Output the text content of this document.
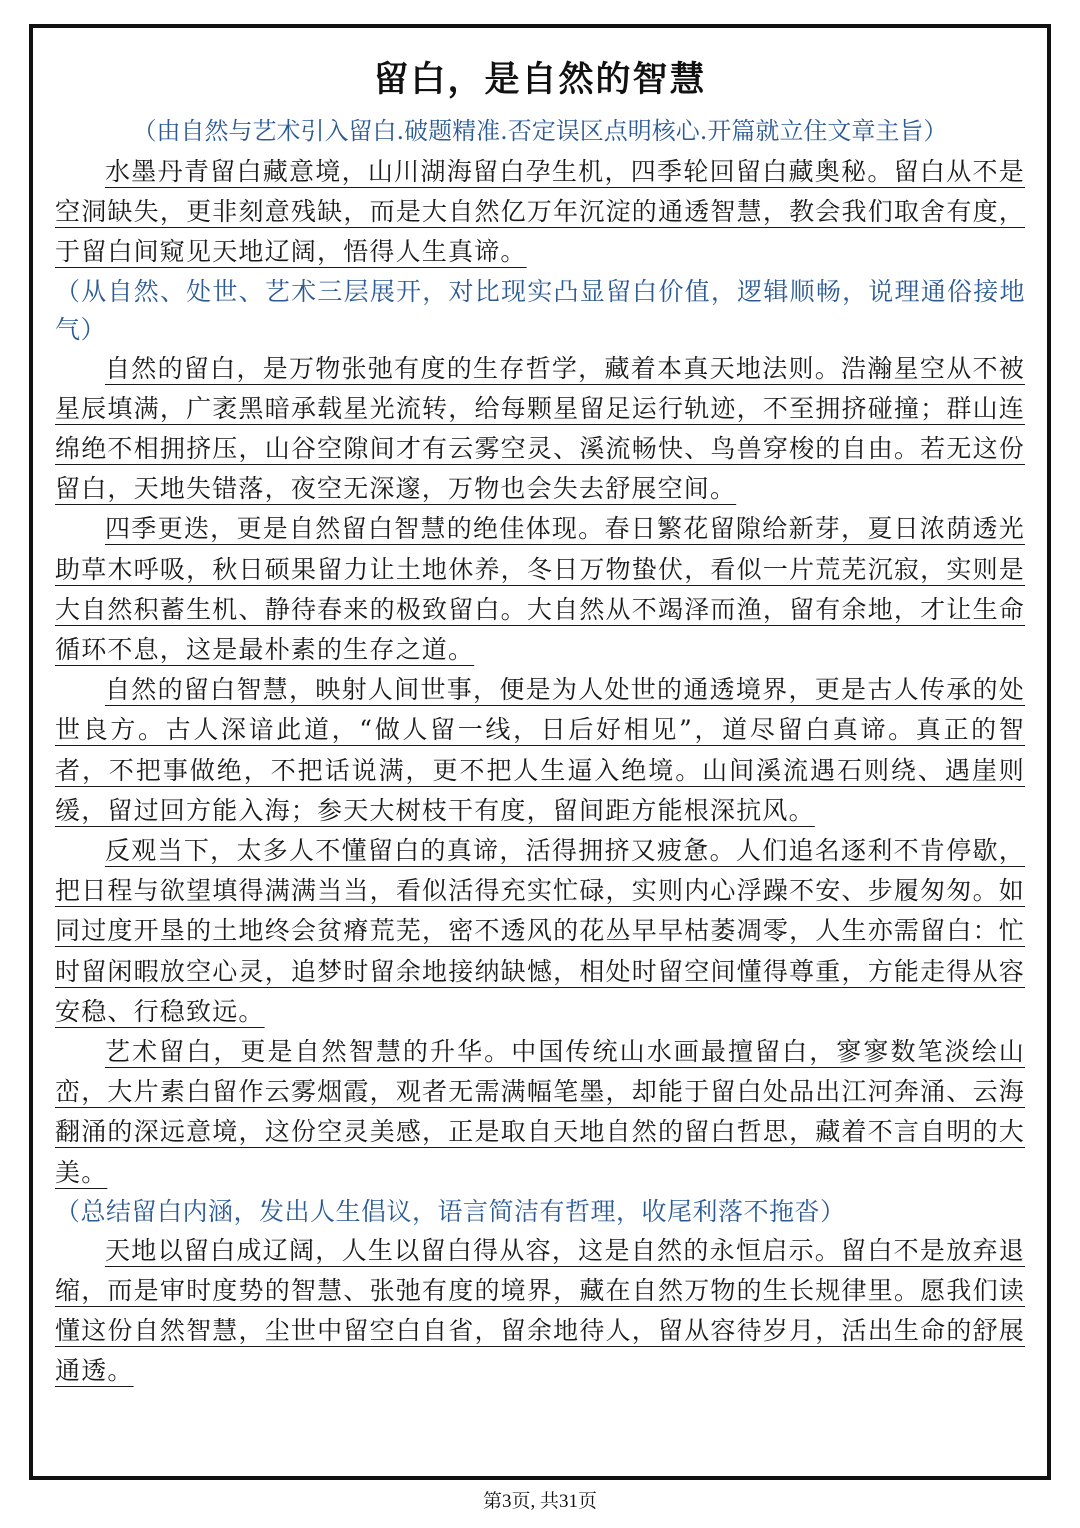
留白，是自然的智慧

（由自然与艺术引入留白.破题精准.否定误区点明核心.开篇就立住文章主旨）

水墨丹青留白藏意境，山川湖海留白孕生机，四季轮回留白藏奥秘。留白从不是空洞缺失，更非刻意残缺，而是大自然亿万年沉淀的通透智慧，教会我们取舍有度，于留白间窥见天地辽阔，悟得人生真谛。

（从自然、处世、艺术三层展开，对比现实凸显留白价值，逻辑顺畅，说理通俗接地气）

自然的留白，是万物张弛有度的生存哲学，藏着本真天地法则。浩瀚星空从不被星辰填满，广袤黑暗承载星光流转，给每颗星留足运行轨迹，不至拥挤碰撞；群山连绵绝不相拥挤压，山谷空隙间才有云雾空灵、溪流畅快、鸟兽穿梭的自由。若无这份留白，天地失错落，夜空无深邃，万物也会失去舒展空间。

四季更迭，更是自然留白智慧的绝佳体现。春日繁花留隙给新芽，夏日浓荫透光助草木呼吸，秋日硕果留力让土地休养，冬日万物蛰伏，看似一片荒芜沉寂，实则是大自然积蓄生机、静待春来的极致留白。大自然从不竭泽而渔，留有余地，才让生命循环不息，这是最朴素的生存之道。

自然的留白智慧，映射人间世事，便是为人处世的通透境界，更是古人传承的处世良方。古人深谙此道，“做人留一线，日后好相见”，道尽留白真谛。真正的智者，不把事做绝，不把话说满，更不把人生逼入绝境。山间溪流遇石则绕、遇崖则缓，留过回方能入海；参天大树枝干有度，留间距方能根深抗风。

反观当下，太多人不懂留白的真谛，活得拥挤又疲惫。人们追名逐利不肯停歇，把日程与欲望填得满满当当，看似活得充实忙碌，实则内心浮躁不安、步履匆匆。如同过度开垦的土地终会贫瘠荒芜，密不透风的花丛早早枯萎凋零，人生亦需留白：忙时留闲暇放空心灵，追梦时留余地接纳缺憾，相处时留空间懂得尊重，方能走得从容安稳、行稳致远。

艺术留白，更是自然智慧的升华。中国传统山水画最擅留白，寥寥数笔淡绘山峦，大片素白留作云雾烟霞，观者无需满幅笔墨，却能于留白处品出江河奔涌、云海翻涌的深远意境，这份空灵美感，正是取自天地自然的留白哲思，藏着不言自明的大美。

（总结留白内涵，发出人生倡议，语言简洁有哲理，收尾利落不拖沓）

天地以留白成辽阔，人生以留白得从容，这是自然的永恒启示。留白不是放弃退缩，而是审时度势的智慧、张弛有度的境界，藏在自然万物的生长规律里。愿我们读懂这份自然智慧，尘世中留空白自省，留余地待人，留从容待岁月，活出生命的舒展通透。

第3页, 共31页
